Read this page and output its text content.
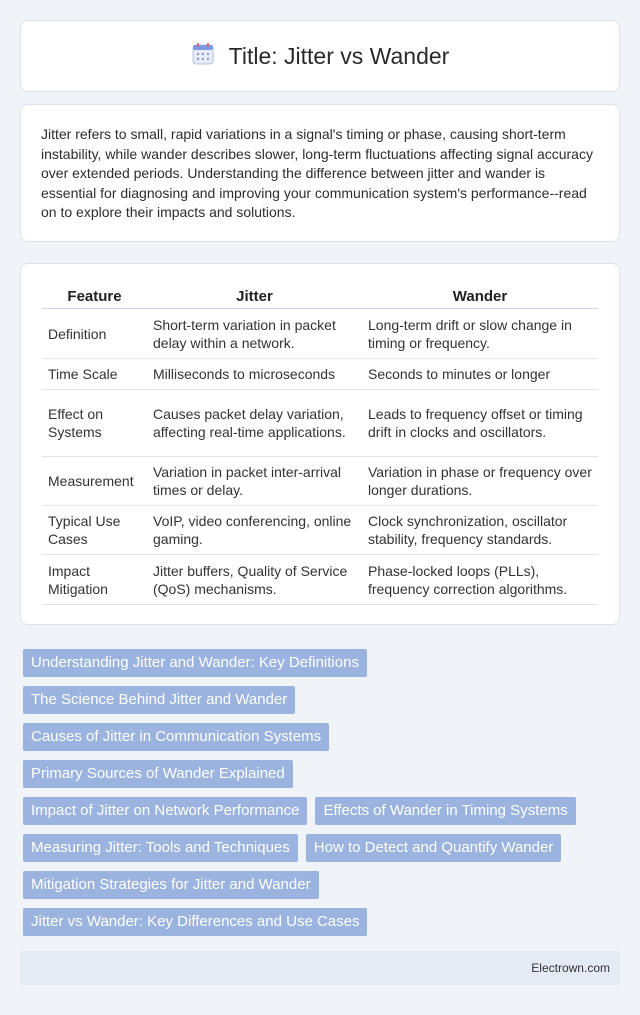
Title: Jitter vs Wander

Jitter refers to small, rapid variations in a signal's timing or phase, causing short-term instability, while wander describes slower, long-term fluctuations affecting signal accuracy over extended periods. Understanding the difference between jitter and wander is essential for diagnosing and improving your communication system's performance--read on to explore their impacts and solutions.

Feature	Jitter	Wander
Definition	Short-term variation in packet delay within a network.	Long-term drift or slow change in timing or frequency.
Time Scale	Milliseconds to microseconds	Seconds to minutes or longer
Effect on Systems	Causes packet delay variation, affecting real-time applications.	Leads to frequency offset or timing drift in clocks and oscillators.
Measurement	Variation in packet inter-arrival times or delay.	Variation in phase or frequency over longer durations.
Typical Use Cases	VoIP, video conferencing, online gaming.	Clock synchronization, oscillator stability, frequency standards.
Impact Mitigation	Jitter buffers, Quality of Service (QoS) mechanisms.	Phase-locked loops (PLLs), frequency correction algorithms.
Understanding Jitter and Wander: Key Definitions
The Science Behind Jitter and Wander
Causes of Jitter in Communication Systems
Primary Sources of Wander Explained
Impact of Jitter on Network Performance	Effects of Wander in Timing Systems
Measuring Jitter: Tools and Techniques	How to Detect and Quantify Wander
Mitigation Strategies for Jitter and Wander
Jitter vs Wander: Key Differences and Use Cases
Electrown.com
